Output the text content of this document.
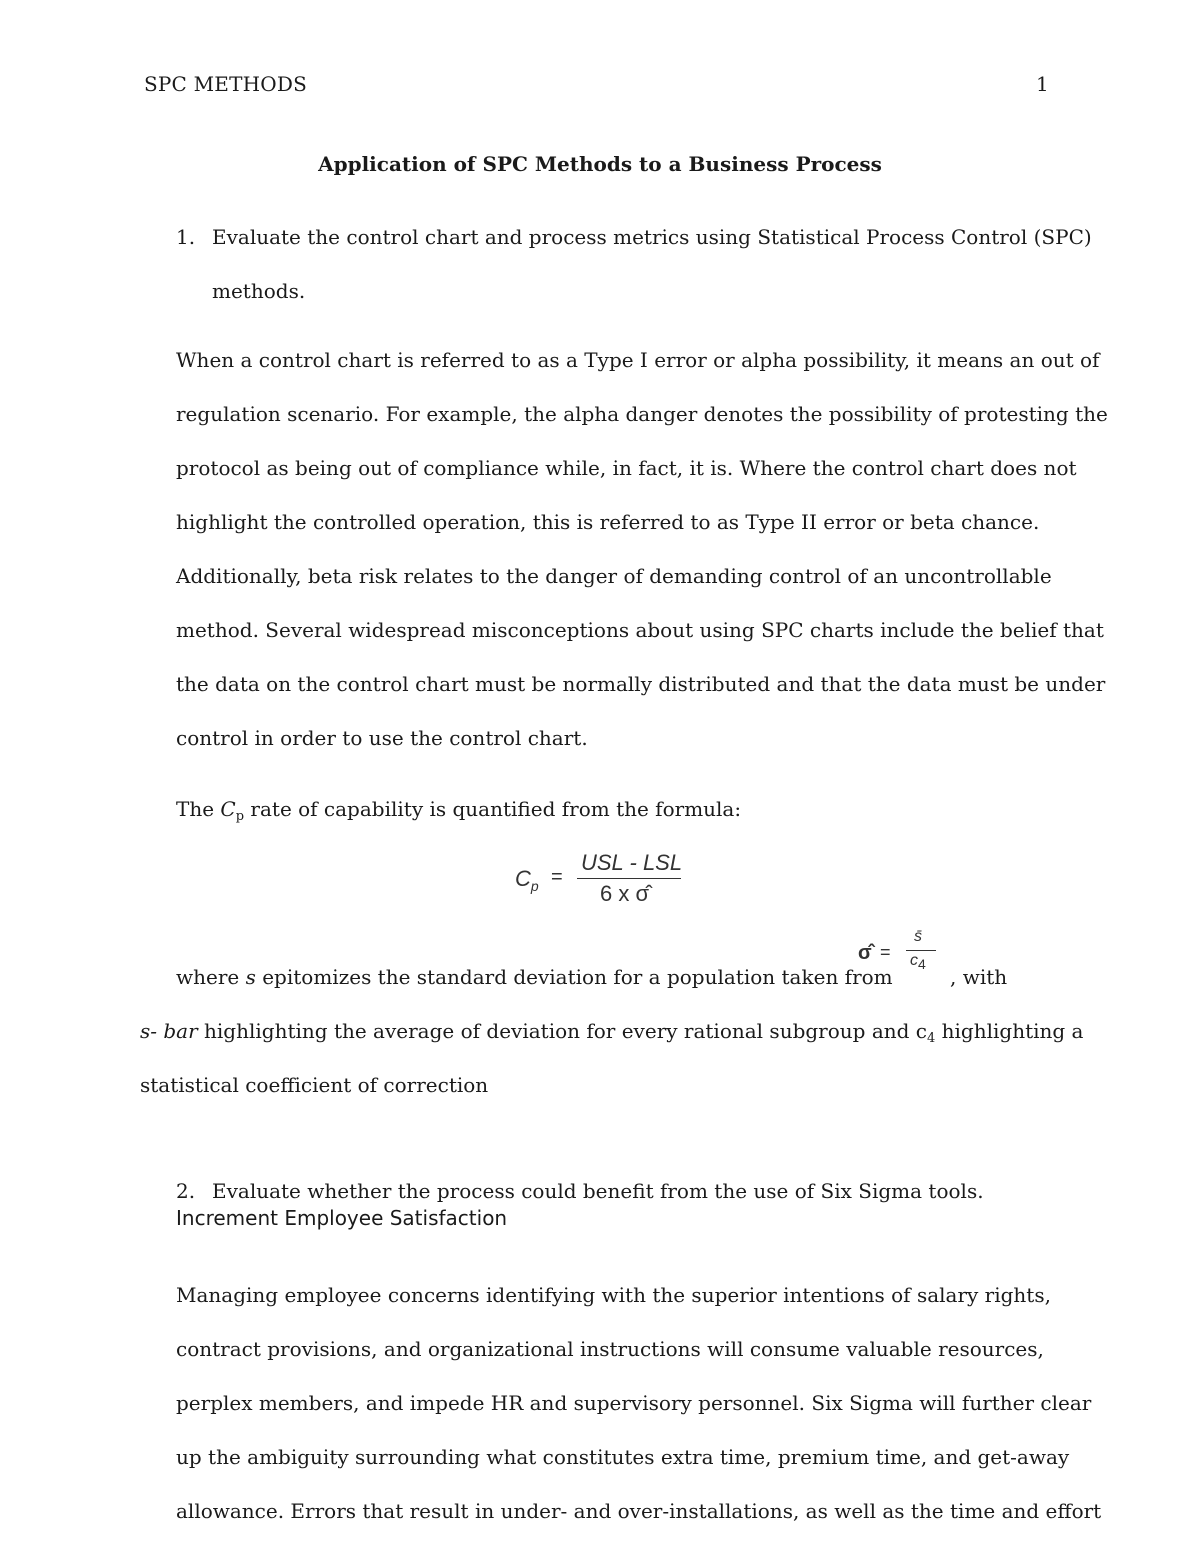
SPC METHODS	1
Application of SPC Methods to a Business Process
1. Evaluate the control chart and process metrics using Statistical Process Control (SPC)
methods.
When a control chart is referred to as a Type I error or alpha possibility, it means an out of
regulation scenario. For example, the alpha danger denotes the possibility of protesting the
protocol as being out of compliance while, in fact, it is. Where the control chart does not
highlight the controlled operation, this is referred to as Type II error or beta chance.
Additionally, beta risk relates to the danger of demanding control of an uncontrollable
method. Several widespread misconceptions about using SPC charts include the belief that
the data on the control chart must be normally distributed and that the data must be under
control in order to use the control chart.
The $C_p$ rate of capability is quantified from the formula:
$C_p$ =
USL - LSL
6 x σ̂
σ̂ =
s̄
c4
where s epitomizes the standard deviation for a population taken from	, with
s- bar highlighting the average of deviation for every rational subgroup and $c_4$ highlighting a
statistical coefficient of correction
2. Evaluate whether the process could benefit from the use of Six Sigma tools.
Increment Employee Satisfaction
Managing employee concerns identifying with the superior intentions of salary rights,
contract provisions, and organizational instructions will consume valuable resources,
perplex members, and impede HR and supervisory personnel. Six Sigma will further clear
up the ambiguity surrounding what constitutes extra time, premium time, and get-away
allowance. Errors that result in under- and over-installations, as well as the time and effort
